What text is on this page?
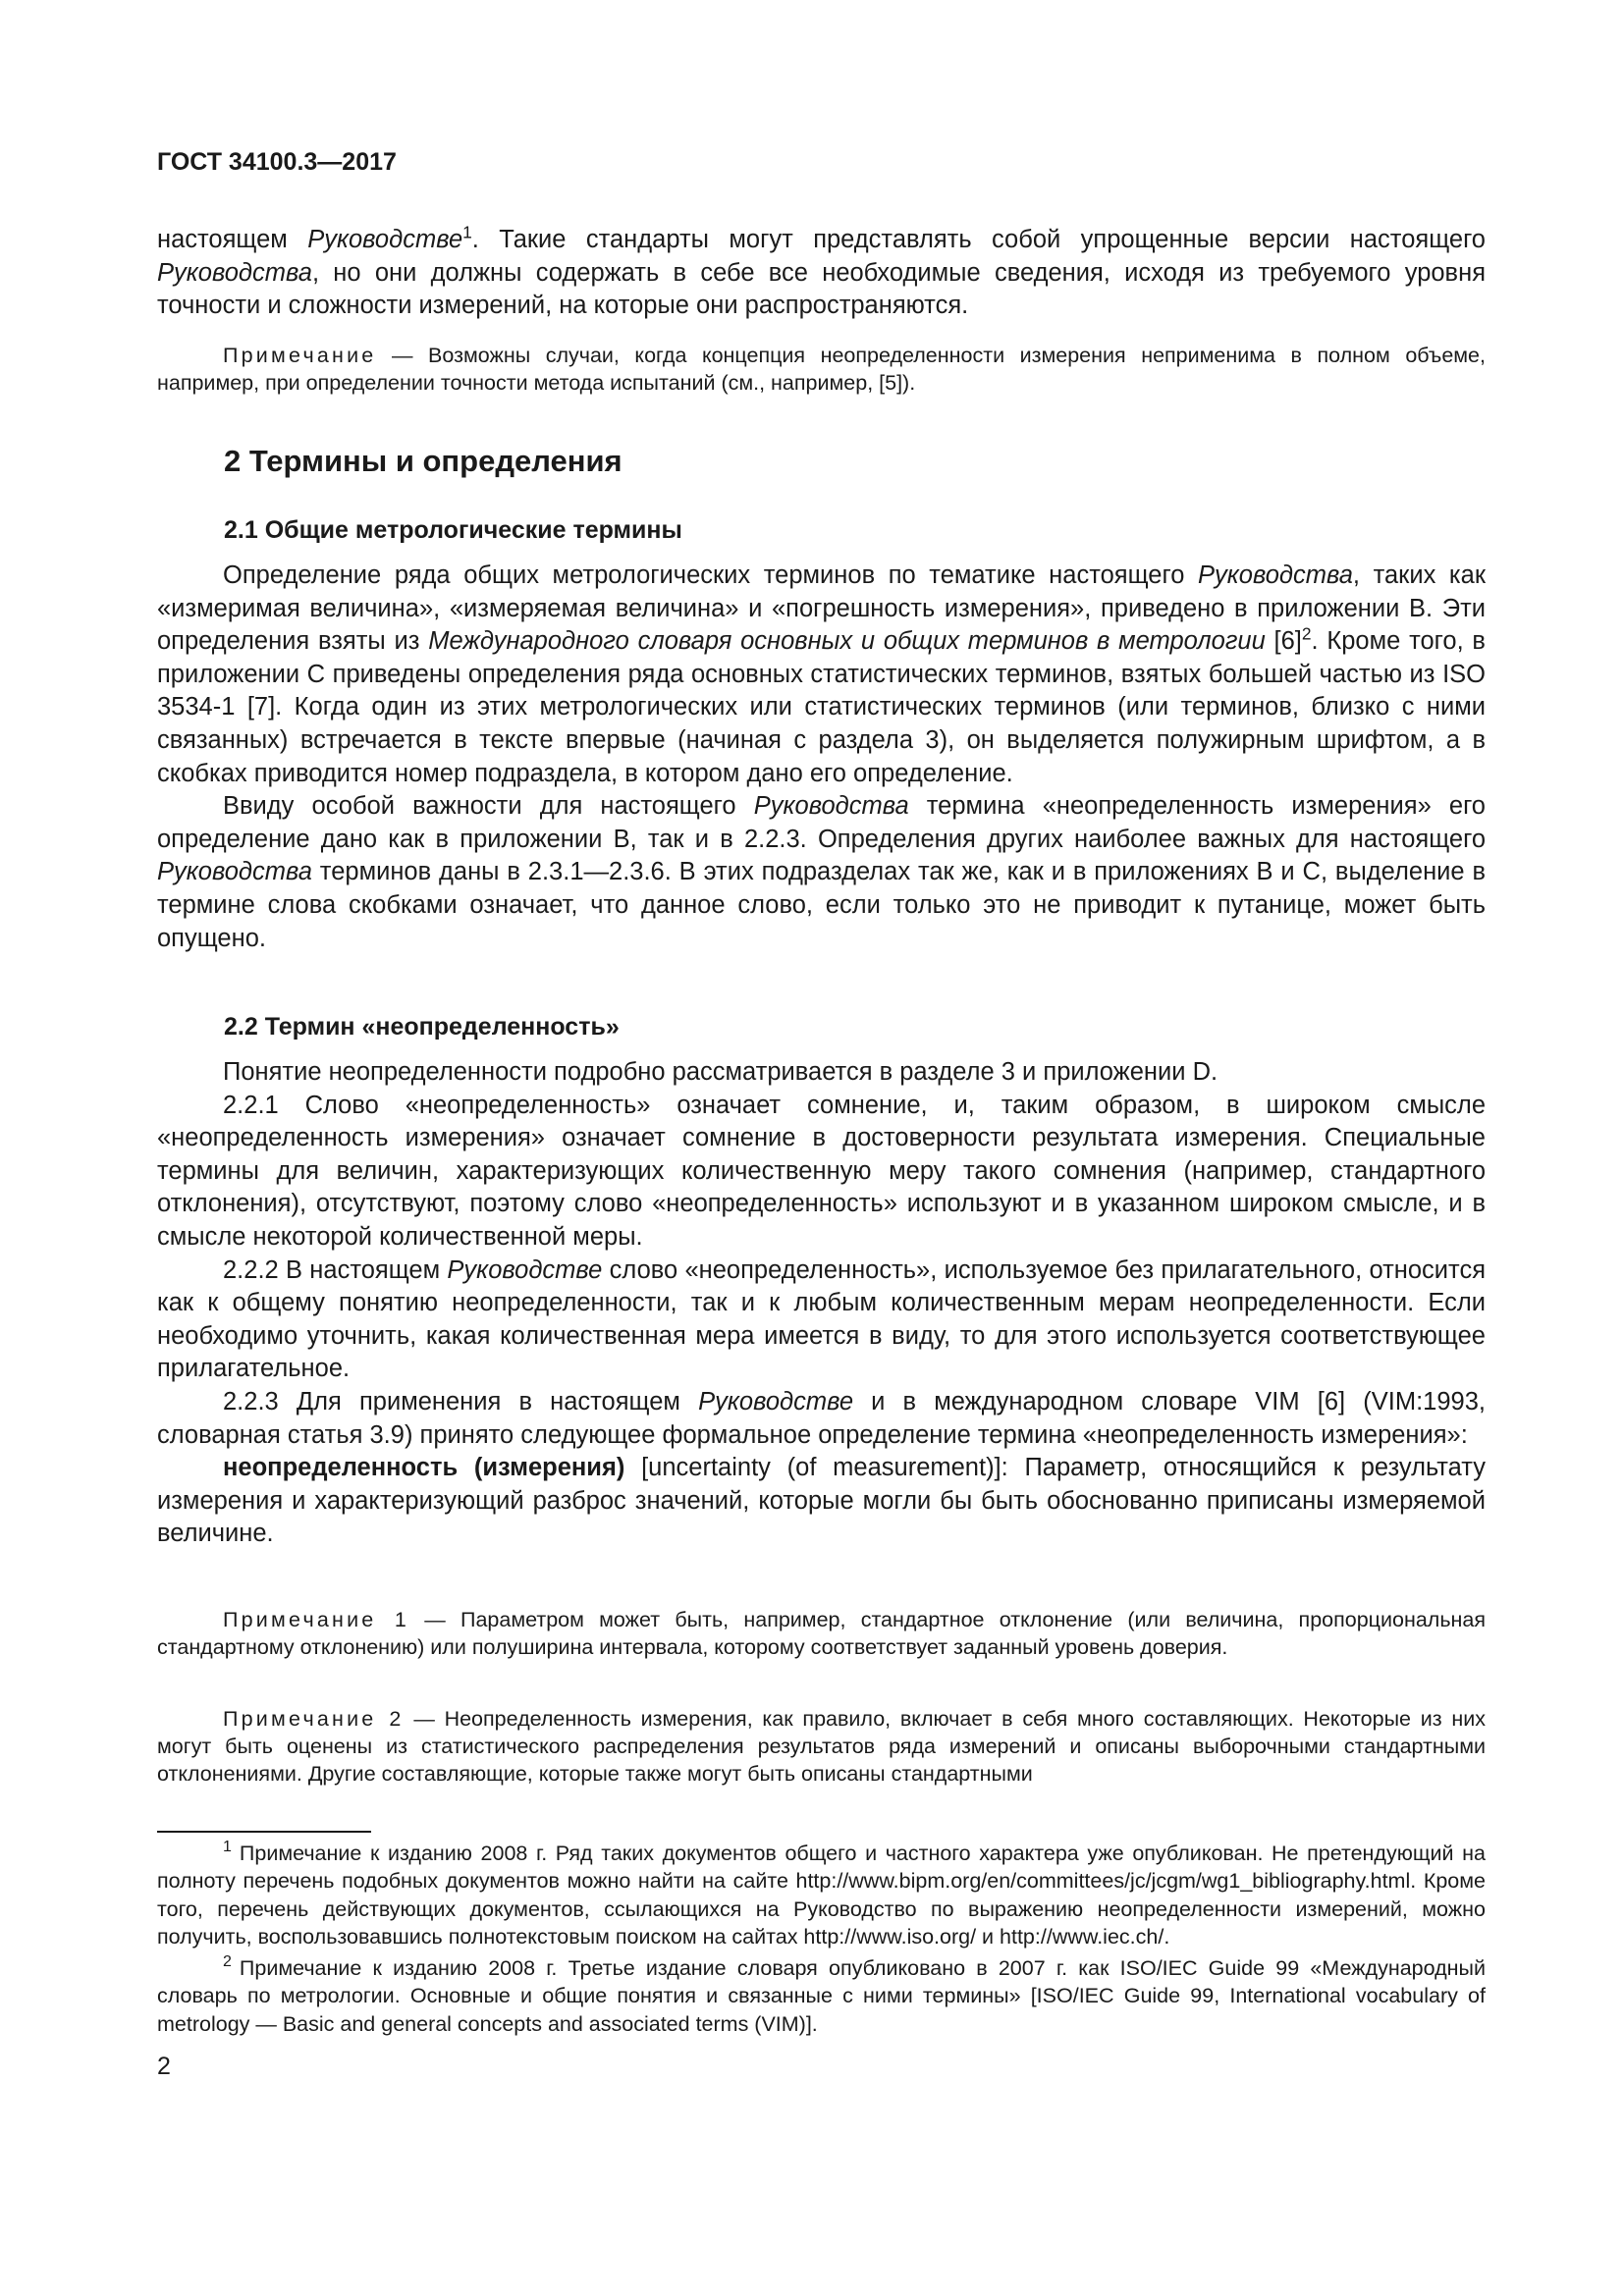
ГОСТ 34100.3—2017

настоящем Руководстве$^1$. Такие стандарты могут представлять собой упрощенные версии настоящего Руководства, но они должны содержать в себе все необходимые сведения, исходя из требуемого уровня точности и сложности измерений, на которые они распространяются.

Примечание — Возможны случаи, когда концепция неопределенности измерения неприменима в полном объеме, например, при определении точности метода испытаний (см., например, [5]).

2 Термины и определения
2.1 Общие метрологические термины

Определение ряда общих метрологических терминов по тематике настоящего Руководства, таких как «измеримая величина», «измеряемая величина» и «погрешность измерения», приведено в приложении B. Эти определения взяты из Международного словаря основных и общих терминов в метрологии $[6]^2$. Кроме того, в приложении С приведены определения ряда основных статистических терминов, взятых большей частью из ISO 3534-1 [7]. Когда один из этих метрологических или статистических терминов (или терминов, близко с ними связанных) встречается в тексте впервые (начиная с раздела 3), он выделяется полужирным шрифтом, а в скобках приводится номер подраздела, в котором дано его определение.

Ввиду особой важности для настоящего Руководства термина «неопределенность измерения» его определение дано как в приложении B, так и в 2.2.3. Определения других наиболее важных для настоящего Руководства терминов даны в 2.3.1—2.3.6. В этих подразделах так же, как и в приложениях B и C, выделение в термине слова скобками означает, что данное слово, если только это не приводит к путанице, может быть опущено.

2.2 Термин «неопределенность»

Понятие неопределенности подробно рассматривается в разделе 3 и приложении D.

2.2.1 Слово «неопределенность» означает сомнение, и, таким образом, в широком смысле «неопределенность измерения» означает сомнение в достоверности результата измерения. Специальные термины для величин, характеризующих количественную меру такого сомнения (например, стандартного отклонения), отсутствуют, поэтому слово «неопределенность» используют и в указанном широком смысле, и в смысле некоторой количественной меры.

2.2.2 В настоящем Руководстве слово «неопределенность», используемое без прилагательного, относится как к общему понятию неопределенности, так и к любым количественным мерам неопределенности. Если необходимо уточнить, какая количественная мера имеется в виду, то для этого используется соответствующее прилагательное.

2.2.3 Для применения в настоящем Руководстве и в международном словаре VIM [6] (VIM:1993, словарная статья 3.9) принято следующее формальное определение термина «неопределенность измерения»:

неопределенность (измерения) [uncertainty (of measurement)]: Параметр, относящийся к результату измерения и характеризующий разброс значений, которые могли бы быть обоснованно приписаны измеряемой величине.

Примечание 1 — Параметром может быть, например, стандартное отклонение (или величина, пропорциональная стандартному отклонению) или полуширина интервала, которому соответствует заданный уровень доверия.

Примечание 2 — Неопределенность измерения, как правило, включает в себя много составляющих. Некоторые из них могут быть оценены из статистического распределения результатов ряда измерений и описаны выборочными стандартными отклонениями. Другие составляющие, которые также могут быть описаны стандартными

$^1$ Примечание к изданию 2008 г. Ряд таких документов общего и частного характера уже опубликован. Не претендующий на полноту перечень подобных документов можно найти на сайте http://www.bipm.org/en/committees/jc/jcgm/wg1_bibliography.html. Кроме того, перечень действующих документов, ссылающихся на Руководство по выражению неопределенности измерений, можно получить, воспользовавшись полнотекстовым поиском на сайтах http://www.iso.org/ и http://www.iec.ch/.

$^2$ Примечание к изданию 2008 г. Третье издание словаря опубликовано в 2007 г. как ISO/IEC Guide 99 «Международный словарь по метрологии. Основные и общие понятия и связанные с ними термины» [ISO/IEC Guide 99, International vocabulary of metrology — Basic and general concepts and associated terms (VIM)].

2
